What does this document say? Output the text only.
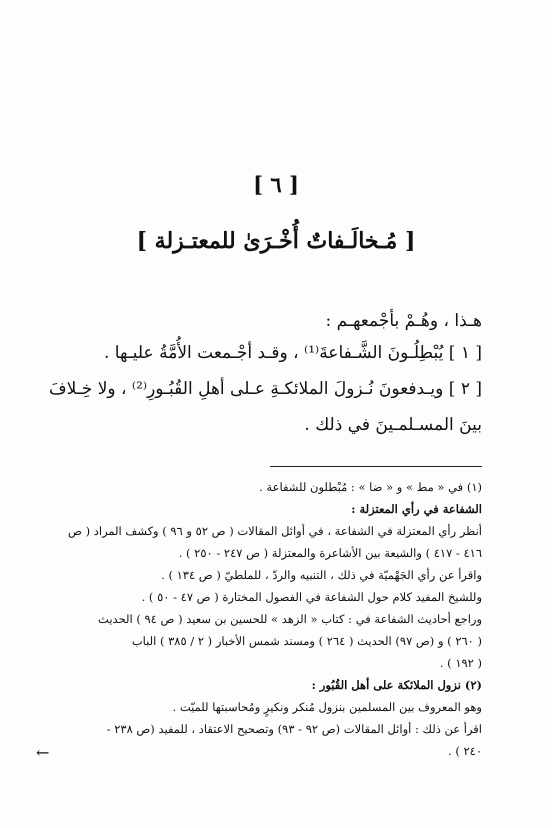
[ ٦ ]
[ مُـخالَـفاتٌ أُخْـرَىٰ للمعتـزلة ]
هـذا ، وهُـمْ بأجْمعهـم :
[ ١ ] يُبْطِلُـونَ الشَّـفاعةَ⁽¹⁾ ، وقـد أجْـمعت الأُمَّةُ عليـها .
[ ٢ ] ويـدفعونَ نُـزولَ الملائكـةِ عـلى أهلِ القُبُـورِ⁽²⁾ ، ولا خِـلافَ
بينَ المسـلمـينَ في ذلك .
(١) في « مط » و « ضا » : مُبْطلون للشفاعة .
الشفاعة في رأي المعتزلة :
أنظر رأي المعتزلة في الشفاعة ، في أوائل المقالات ( ص ٥٢ و ٩٦ ) وكشف المراد ( ص
٤١٦ - ٤١٧ ) والشيعة بين الأشاعرة والمعتزلة ( ص ٢٤٧ - ٢٥٠ ) .
واقرأ عن رأي الجَهْميّة في ذلك ، التنبيه والردّ ، للملطيّ ( ص ١٣٤ ) .
وللشيخ المفيد كلام حول الشفاعة في الفصول المختارة ( ص ٤٧ - ٥٠ ) .
وراجع أحاديث الشفاعة في : كتاب « الزهد » للحسين بن سعيد ( ص ٩٤ ) الحديث
( ٢٦٠ ) و (ص ٩٧) الحديث ( ٢٦٤ ) ومسند شمس الأخبار ( ٢ / ٣٨٥ ) الباب
( ١٩٢ ) .
(٢) نزول الملائكة على أهل القُبُور :
وهو المعروف بين المسلمين بنزول مُنكر ونكيرٍ ومُحاسبتها للميّت .
اقرأ عن ذلك : أوائل المقالات (ص ٩٢ - ٩٣) وتصحيح الاعتقاد ، للمفيد (ص ٢٣٨ -
٢٤٠ ) .
←
